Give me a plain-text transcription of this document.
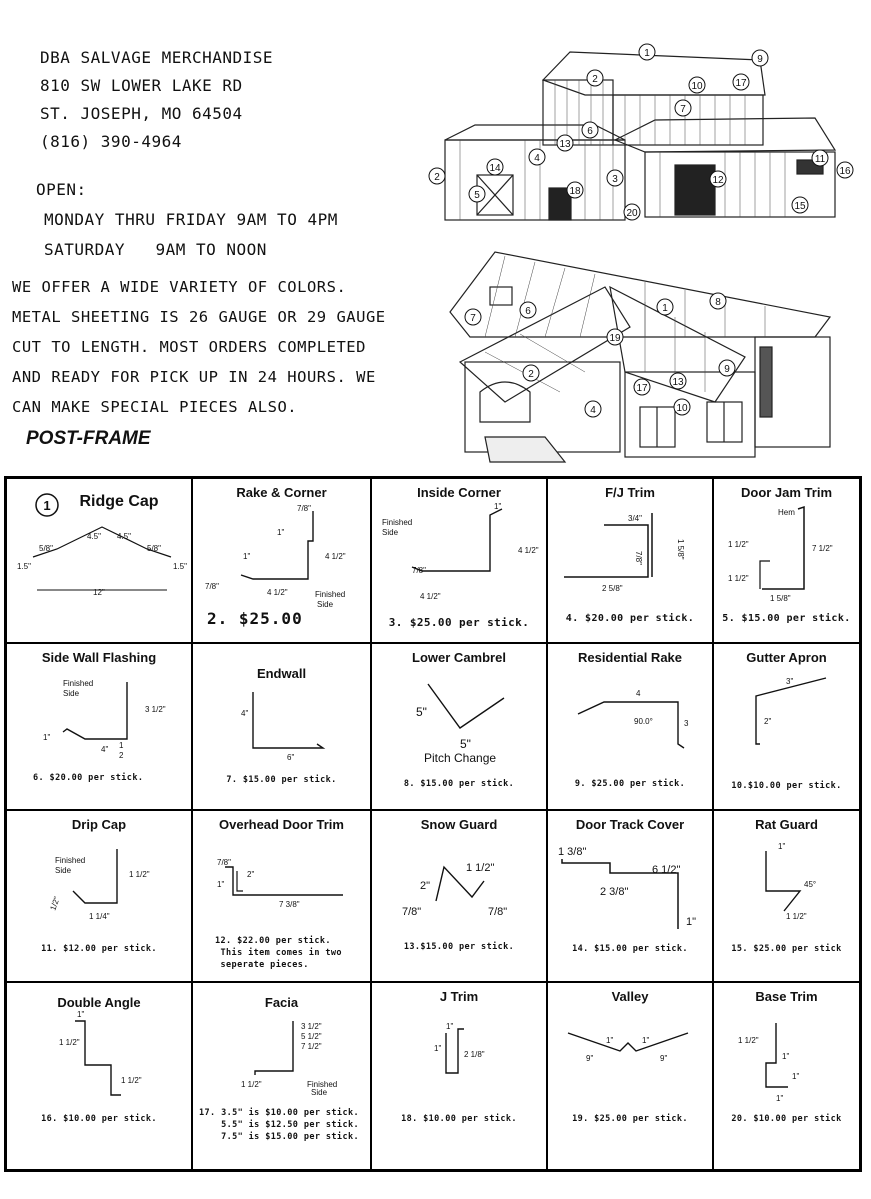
DBA SALVAGE MERCHANDISE
810 SW LOWER LAKE RD
ST. JOSEPH, MO 64504
(816) 390-4964
OPEN:
MONDAY THRU FRIDAY 9AM TO 4PM
SATURDAY   9AM TO NOON
WE OFFER A WIDE VARIETY OF COLORS.
METAL SHEETING IS 26 GAUGE OR 29 GAUGE
CUT TO LENGTH. MOST ORDERS COMPLETED
AND READY FOR PICK UP IN 24 HOURS. WE
CAN MAKE SPECIAL PIECES ALSO.
POST-FRAME
1
9
2
10	17
7
6
13
4
2
14
5	18
3	12
11
16
20
15
6
7
8
1
19
2	9
17
13
4	10
1
4.5" 4.5"
5/8"	5/8"
1.5"	1.5"
12"
Ridge Cap
Rake & Corner
7/8"
1"
4 1/2"
1"
7/8"
4 1/2"	Finished
Side
2. $25.00
Inside Corner
1"
Finished
Side
4 1/2"
7/8"
4 1/2"
3. $25.00 per stick.
F/J Trim
3/4"
7/8"	1 5/8"
2 5/8"
4. $20.00 per stick.
Door Jam Trim
Hem
1 1/2"	7 1/2"
1 1/2"
1 5/8"
5. $15.00 per stick.
Side Wall Flashing
Finished
Side
3 1/2"
1"
4" 1
2
6. $20.00 per stick.
Endwall
4"
6"
7. $15.00 per stick.
Lower Cambrel
5"
5"
Pitch Change
8. $15.00 per stick.
Residential Rake
4
3
90.0°
9. $25.00 per stick.
Gutter Apron
3"
2"
10.$10.00 per stick.
Drip Cap
Finished
Side	1 1/2"
1/2"
1 1/4"
11. $12.00 per stick.
Overhead Door Trim
7/8"
1"
2"
7 3/8"
12. $22.00 per stick.
This item comes in two
seperate pieces.
Snow Guard
1 1/2"
2"
7/8"	7/8"
13.$15.00 per stick.
Door Track Cover
1 3/8"
6 1/2"
2 3/8"
1"
14. $15.00 per stick.
Rat Guard
1"
45°
1 1/2"
15. $25.00 per stick
Double Angle
1"
1 1/2"
1 1/2"
16. $10.00 per stick.
Facia
3 1/2"
5 1/2"
7 1/2"
1 1/2"	Finished
Side
17. 3.5" is $10.00 per stick.
5.5" is $12.50 per stick.
7.5" is $15.00 per stick.
J Trim
1"
1"
2 1/8"
18. $10.00 per stick.
Valley
1"	1"
9"	9"
19. $25.00 per stick.
Base Trim
1 1/2"
1"
1"
1"
20. $10.00 per stick
